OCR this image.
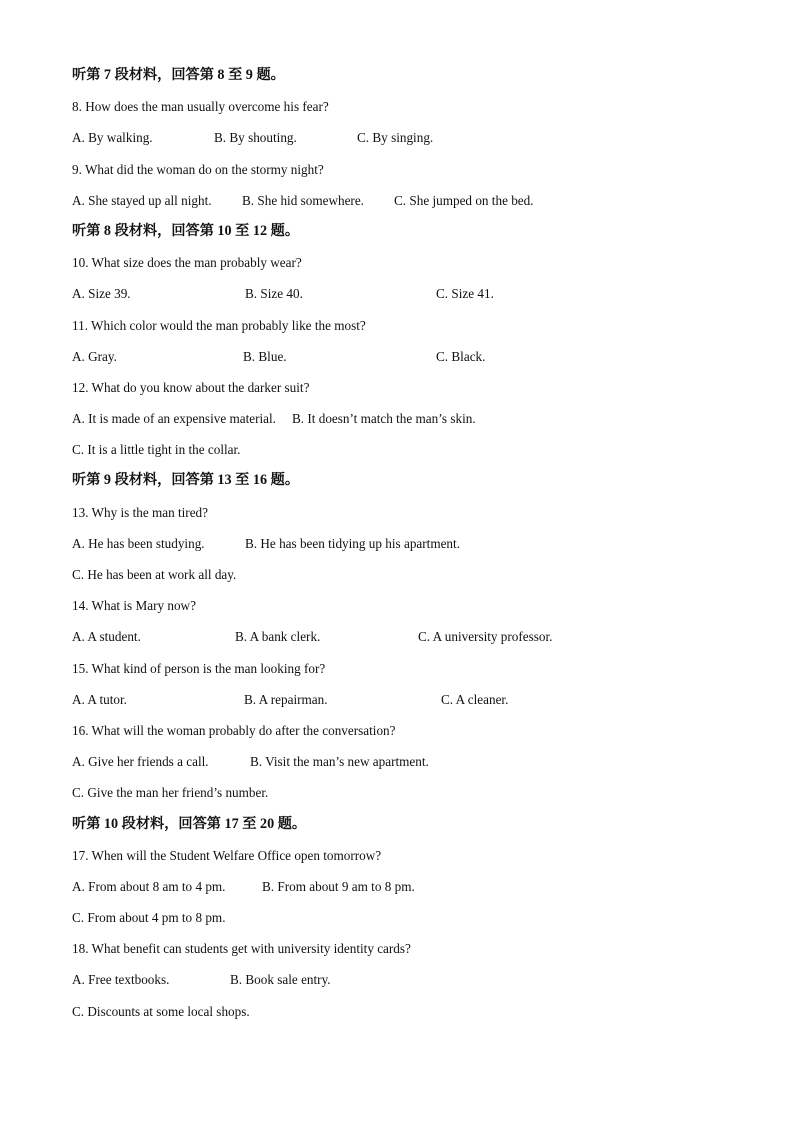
听第 7 段材料，回答第 8 至 9 题。
8. How does the man usually overcome his fear?
A. By walking.	B. By shouting.	C. By singing.
9. What did the woman do on the stormy night?
A. She stayed up all night. B. She hid somewhere. C. She jumped on the bed.
听第 8 段材料，回答第 10 至 12 题。
10. What size does the man probably wear?
A. Size 39.	B. Size 40.	C. Size 41.
11. Which color would the man probably like the most?
A. Gray.	B. Blue.	C. Black.
12. What do you know about the darker suit?
A. It is made of an expensive material. B. It doesn’t match the man’s skin.
C. It is a little tight in the collar.
听第 9 段材料，回答第 13 至 16 题。
13. Why is the man tired?
A. He has been studying.	B. He has been tidying up his apartment.
C. He has been at work all day.
14. What is Mary now?
A. A student.	B. A bank clerk.	C. A university professor.
15. What kind of person is the man looking for?
A. A tutor.	B. A repairman.	C. A cleaner.
16. What will the woman probably do after the conversation?
A. Give her friends a call.	B. Visit the man’s new apartment.
C. Give the man her friend’s number.
听第 10 段材料，回答第 17 至 20 题。
17. When will the Student Welfare Office open tomorrow?
A. From about 8 am to 4 pm.	B. From about 9 am to 8 pm.
C. From about 4 pm to 8 pm.
18. What benefit can students get with university identity cards?
A. Free textbooks.	B. Book sale entry.
C. Discounts at some local shops.
